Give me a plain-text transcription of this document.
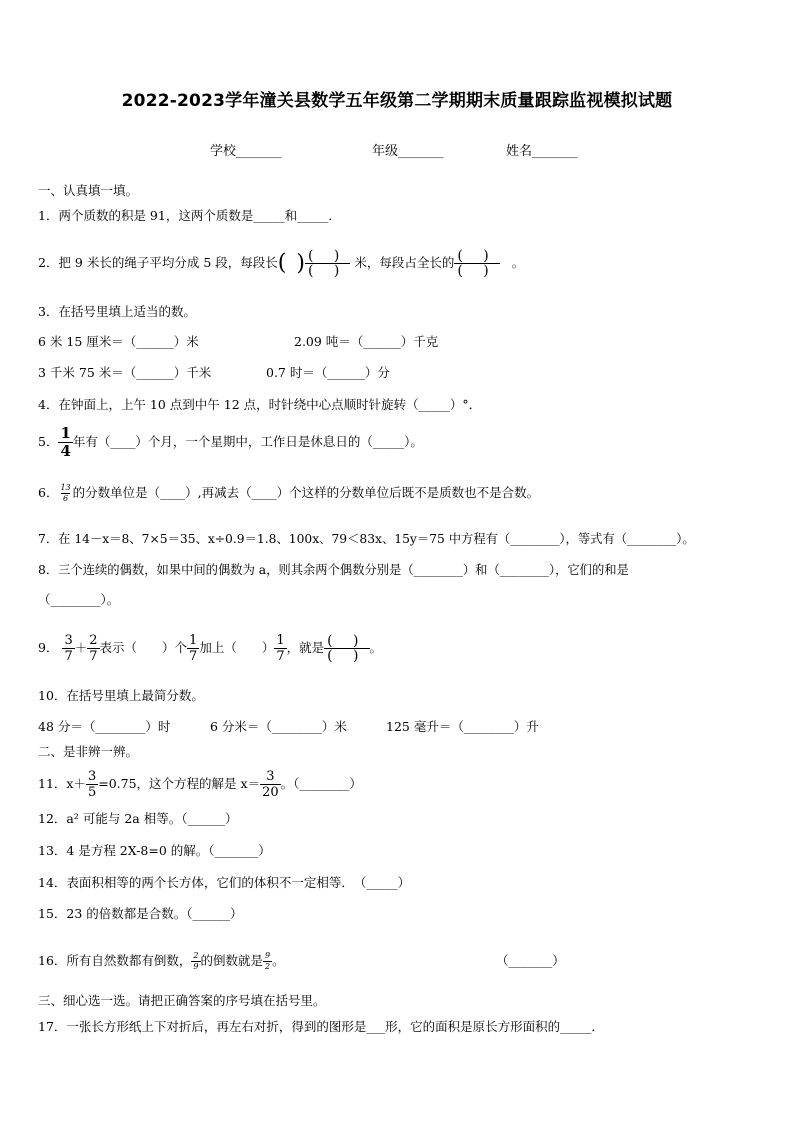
2022-2023学年潼关县数学五年级第二学期期末质量跟踪监视模拟试题
学校_______	年级_______	姓名_______
一、认真填一填。
1．两个质数的积是 91，这两个质数是_____和_____．
2．把 9 米长的绳子平均分成 5 段，每段长( ) $\frac{( )}{( )}$ 米，每段占全长的 $\frac{( )}{( )}$ 。
3．在括号里填上适当的数。
6 米 15 厘米＝（______）米	2.09 吨＝（______）千克
3 千米 75 米＝（______）千米	0.7 时＝（______）分
4．在钟面上，上午 10 点到中午 12 点，时针绕中心点顺时针旋转（_____）°．
5． $\frac{1}{4}$ 年有（____）个月，一个星期中，工作日是休息日的（_____）。
6． $\frac{13}{6}$ 的分数单位是（____）,再减去（____）个这样的分数单位后既不是质数也不是合数。
7．在 14－x＝8、7×5＝35、x÷0.9＝1.8、100x、79＜83x、15y＝75 中方程有（________），等式有（________）。
8．三个连续的偶数，如果中间的偶数为 a，则其余两个偶数分别是（________）和（________），它们的和是
（________）。
9． $\frac{3}{7} + \frac{2}{7}$ 表示（　　）个 $\frac{1}{7}$ 加上（　　） $\frac{1}{7}$ ，就是 $\frac{( )}{( )}$ 。
10．在括号里填上最简分数。
48 分＝（________）时	6 分米＝（________）米	125 毫升＝（________）升
二、是非辨一辨。
11．$x+ \frac{3}{5} =0.75$，这个方程的解是 $x= \frac{3}{20}$ 。（________）
12．a² 可能与 2a 相等。（______）
13．4 是方程 2X-8=0 的解。（_______）
14．表面积相等的两个长方体，它们的体积不一定相等．　（_____）
15．23 的倍数都是合数。（______）
16．所有自然数都有倒数， $\frac{2}{9}$ 的倒数就是 $\frac{9}{2}$ 。	（_______）
三、细心选一选。请把正确答案的序号填在括号里。
17．一张长方形纸上下对折后，再左右对折，得到的图形是___形，它的面积是原长方形面积的_____．
